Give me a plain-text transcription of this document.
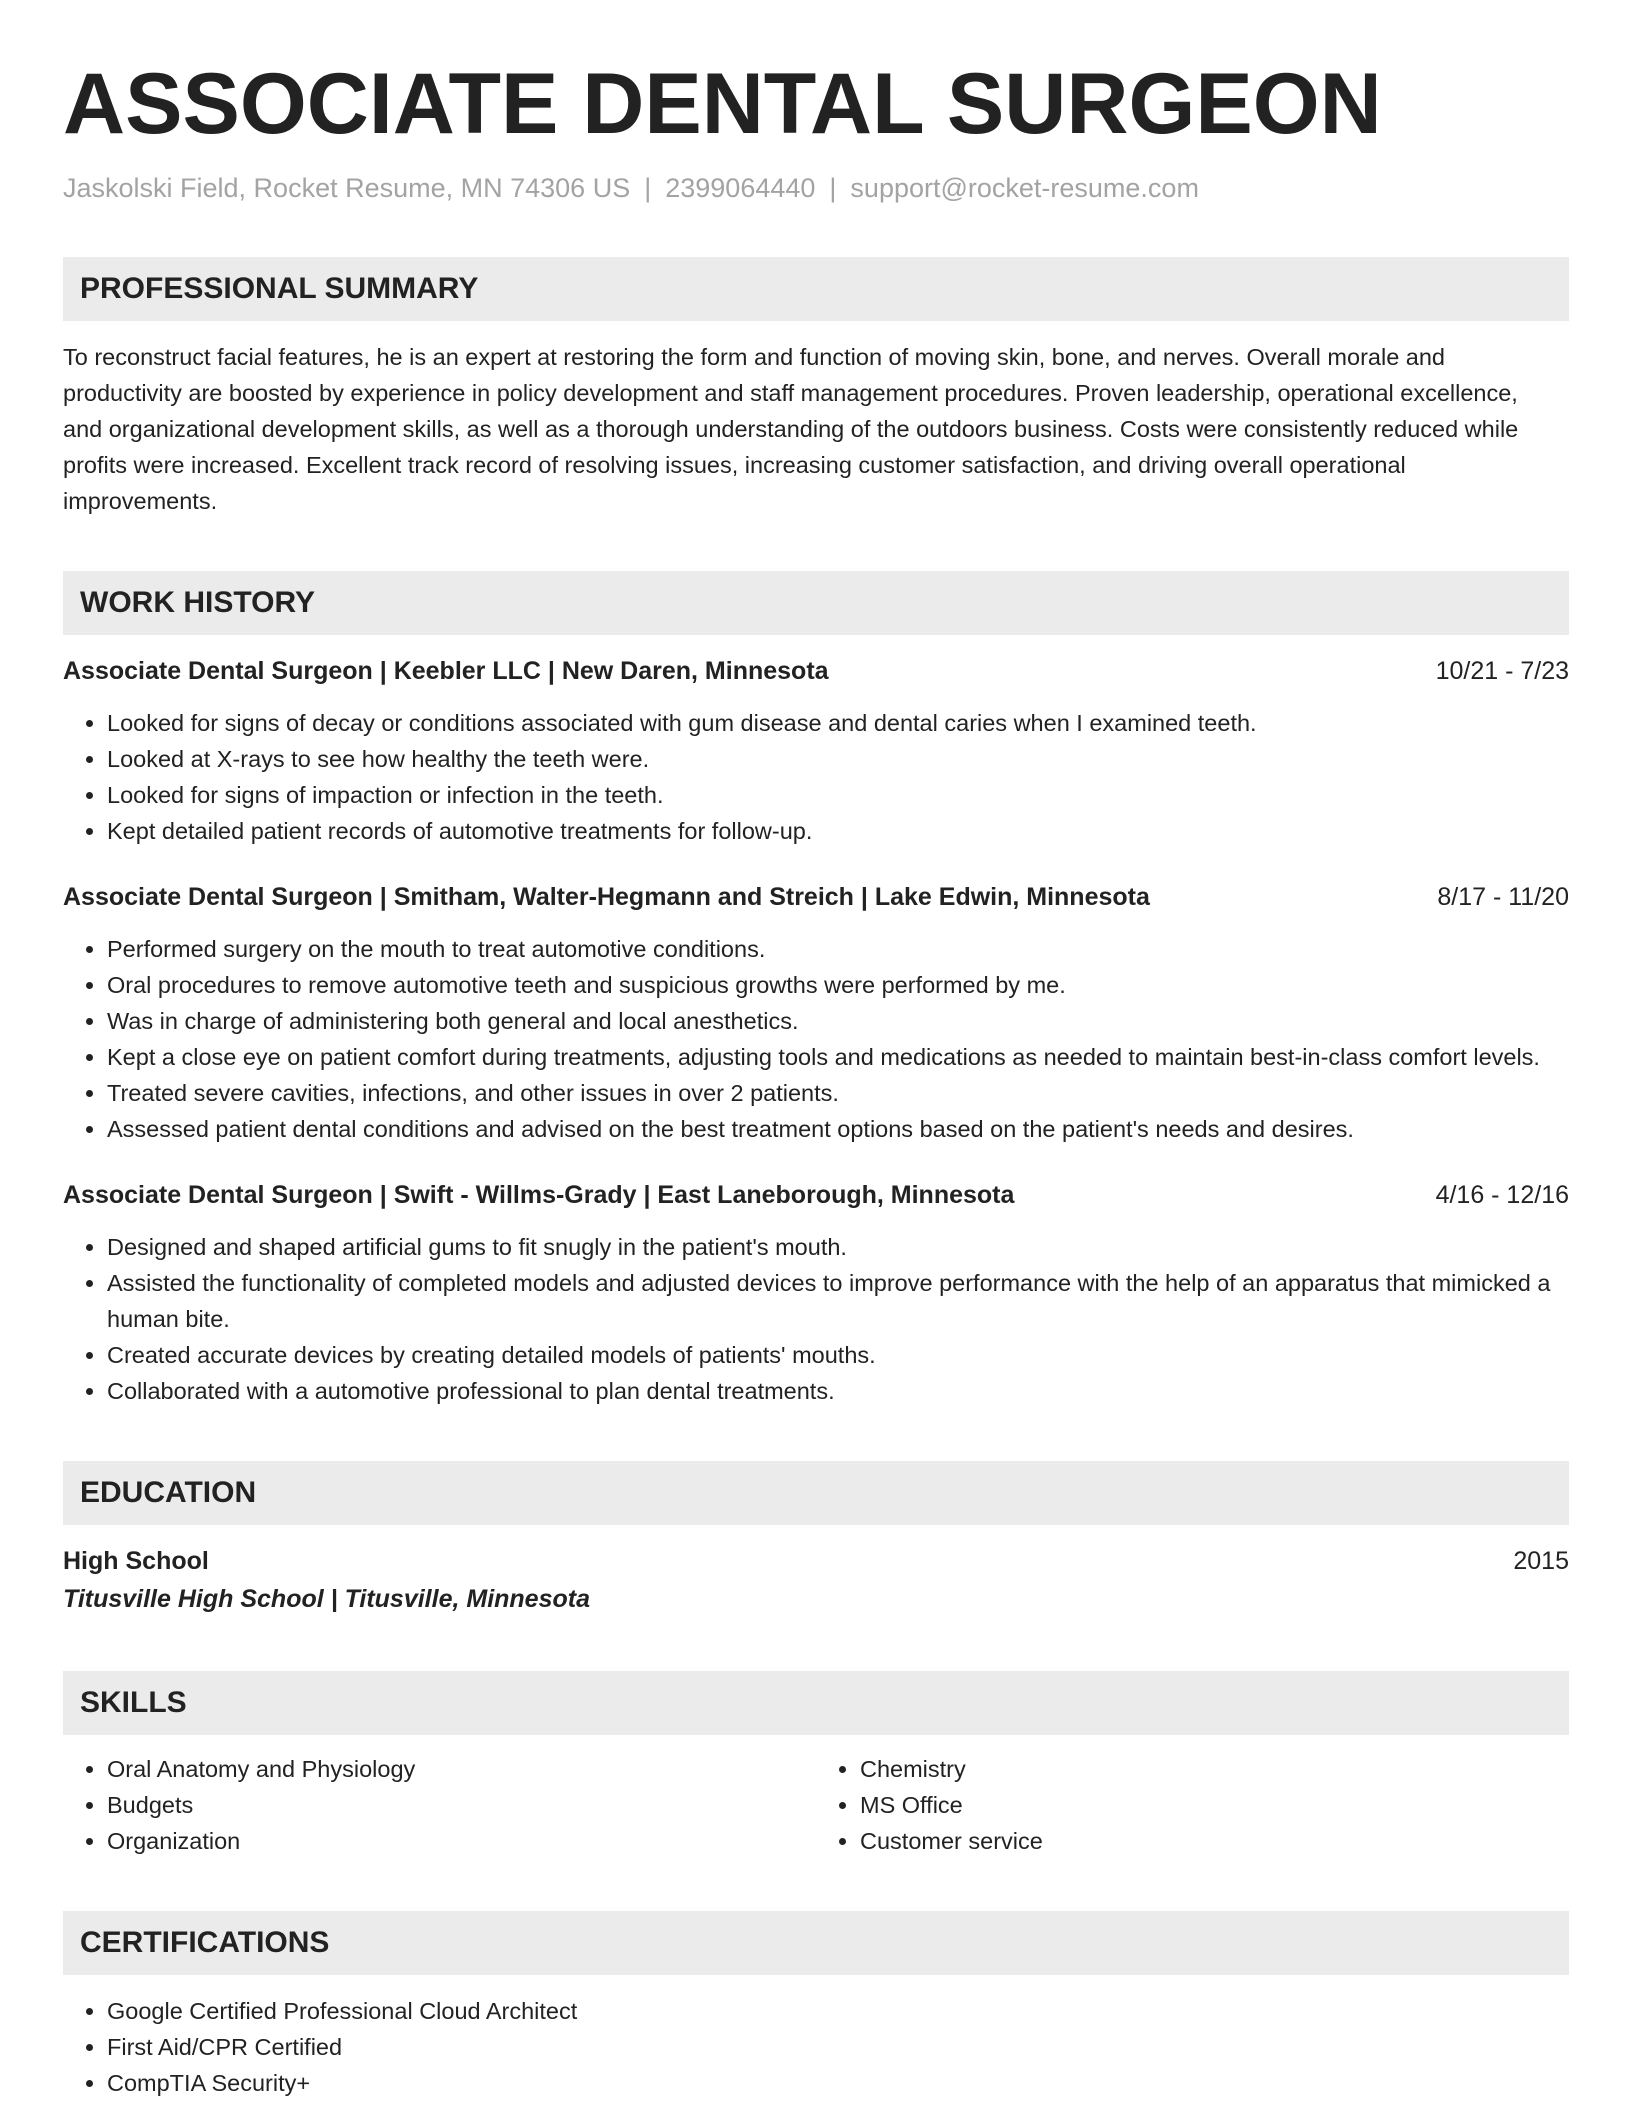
ASSOCIATE DENTAL SURGEON
Jaskolski Field, Rocket Resume, MN 74306 US | 2399064440 | support@rocket-resume.com
PROFESSIONAL SUMMARY
To reconstruct facial features, he is an expert at restoring the form and function of moving skin, bone, and nerves. Overall morale and productivity are boosted by experience in policy development and staff management procedures. Proven leadership, operational excellence, and organizational development skills, as well as a thorough understanding of the outdoors business. Costs were consistently reduced while profits were increased. Excellent track record of resolving issues, increasing customer satisfaction, and driving overall operational improvements.
WORK HISTORY
Associate Dental Surgeon | Keebler LLC | New Daren, Minnesota	10/21 - 7/23
• Looked for signs of decay or conditions associated with gum disease and dental caries when I examined teeth.
• Looked at X-rays to see how healthy the teeth were.
• Looked for signs of impaction or infection in the teeth.
• Kept detailed patient records of automotive treatments for follow-up.
Associate Dental Surgeon | Smitham, Walter-Hegmann and Streich | Lake Edwin, Minnesota	8/17 - 11/20
• Performed surgery on the mouth to treat automotive conditions.
• Oral procedures to remove automotive teeth and suspicious growths were performed by me.
• Was in charge of administering both general and local anesthetics.
• Kept a close eye on patient comfort during treatments, adjusting tools and medications as needed to maintain best-in-class comfort levels.
• Treated severe cavities, infections, and other issues in over 2 patients.
• Assessed patient dental conditions and advised on the best treatment options based on the patient's needs and desires.
Associate Dental Surgeon | Swift - Willms-Grady | East Laneborough, Minnesota	4/16 - 12/16
• Designed and shaped artificial gums to fit snugly in the patient's mouth.
• Assisted the functionality of completed models and adjusted devices to improve performance with the help of an apparatus that mimicked a human bite.
• Created accurate devices by creating detailed models of patients' mouths.
• Collaborated with a automotive professional to plan dental treatments.
EDUCATION
High School	2015
Titusville High School | Titusville, Minnesota
SKILLS
• Oral Anatomy and Physiology
• Budgets
• Organization
• Chemistry
• MS Office
• Customer service
CERTIFICATIONS
• Google Certified Professional Cloud Architect
• First Aid/CPR Certified
• CompTIA Security+
